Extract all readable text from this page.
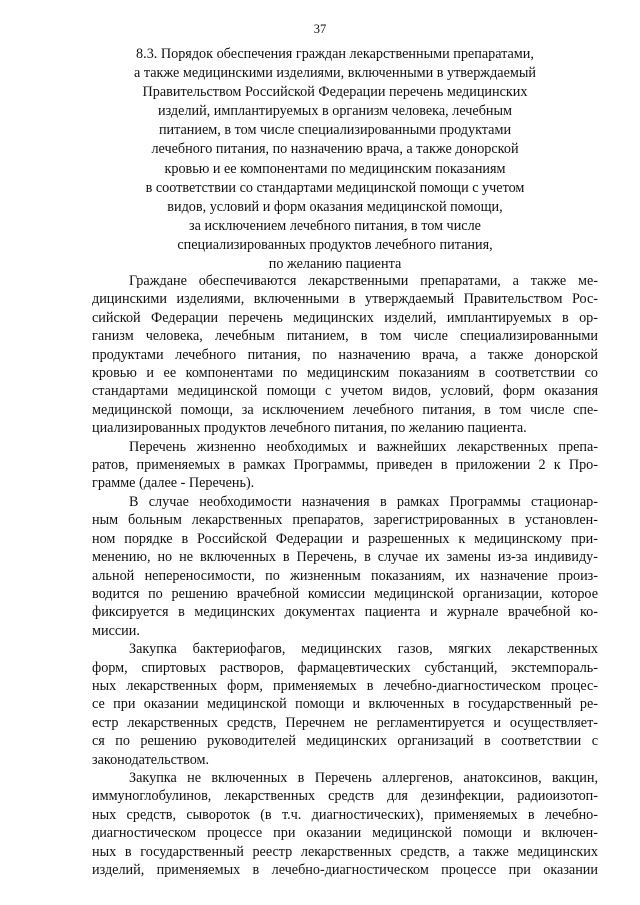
37
8.3. Порядок обеспечения граждан лекарственными препаратами,
а также медицинскими изделиями, включенными в утверждаемый
Правительством Российской Федерации перечень медицинских
изделий, имплантируемых в организм человека, лечебным
питанием, в том числе специализированными продуктами
лечебного питания, по назначению врача, а также донорской
кровью и ее компонентами по медицинским показаниям
в соответствии со стандартами медицинской помощи с учетом
видов, условий и форм оказания медицинской помощи,
за исключением лечебного питания, в том числе
специализированных продуктов лечебного питания,
по желанию пациента

Граждане обеспечиваются лекарственными препаратами, а также ме-
дицинскими изделиями, включенными в утверждаемый Правительством Рос-
сийской Федерации перечень медицинских изделий, имплантируемых в ор-
ганизм человека, лечебным питанием, в том числе специализированными
продуктами лечебного питания, по назначению врача, а также донорской
кровью и ее компонентами по медицинским показаниям в соответствии со
стандартами медицинской помощи с учетом видов, условий, форм оказания
медицинской помощи, за исключением лечебного питания, в том числе спе-
циализированных продуктов лечебного питания, по желанию пациента.

Перечень жизненно необходимых и важнейших лекарственных препа-
ратов, применяемых в рамках Программы, приведен в приложении 2 к Про-
грамме (далее - Перечень).

В случае необходимости назначения в рамках Программы стационар-
ным больным лекарственных препаратов, зарегистрированных в установлен-
ном порядке в Российской Федерации и разрешенных к медицинскому при-
менению, но не включенных в Перечень, в случае их замены из-за индивиду-
альной непереносимости, по жизненным показаниям, их назначение произ-
водится по решению врачебной комиссии медицинской организации, которое
фиксируется в медицинских документах пациента и журнале врачебной ко-
миссии.

Закупка бактериофагов, медицинских газов, мягких лекарственных
форм, спиртовых растворов, фармацевтических субстанций, экстемпораль-
ных лекарственных форм, применяемых в лечебно-диагностическом процес-
се при оказании медицинской помощи и включенных в государственный ре-
естр лекарственных средств, Перечнем не регламентируется и осуществляет-
ся по решению руководителей медицинских организаций в соответствии с
законодательством.

Закупка не включенных в Перечень аллергенов, анатоксинов, вакцин,
иммуноглобулинов, лекарственных средств для дезинфекции, радиоизотоп-
ных средств, сывороток (в т.ч. диагностических), применяемых в лечебно-
диагностическом процессе при оказании медицинской помощи и включен-
ных в государственный реестр лекарственных средств, а также медицинских
изделий, применяемых в лечебно-диагностическом процессе при оказании
